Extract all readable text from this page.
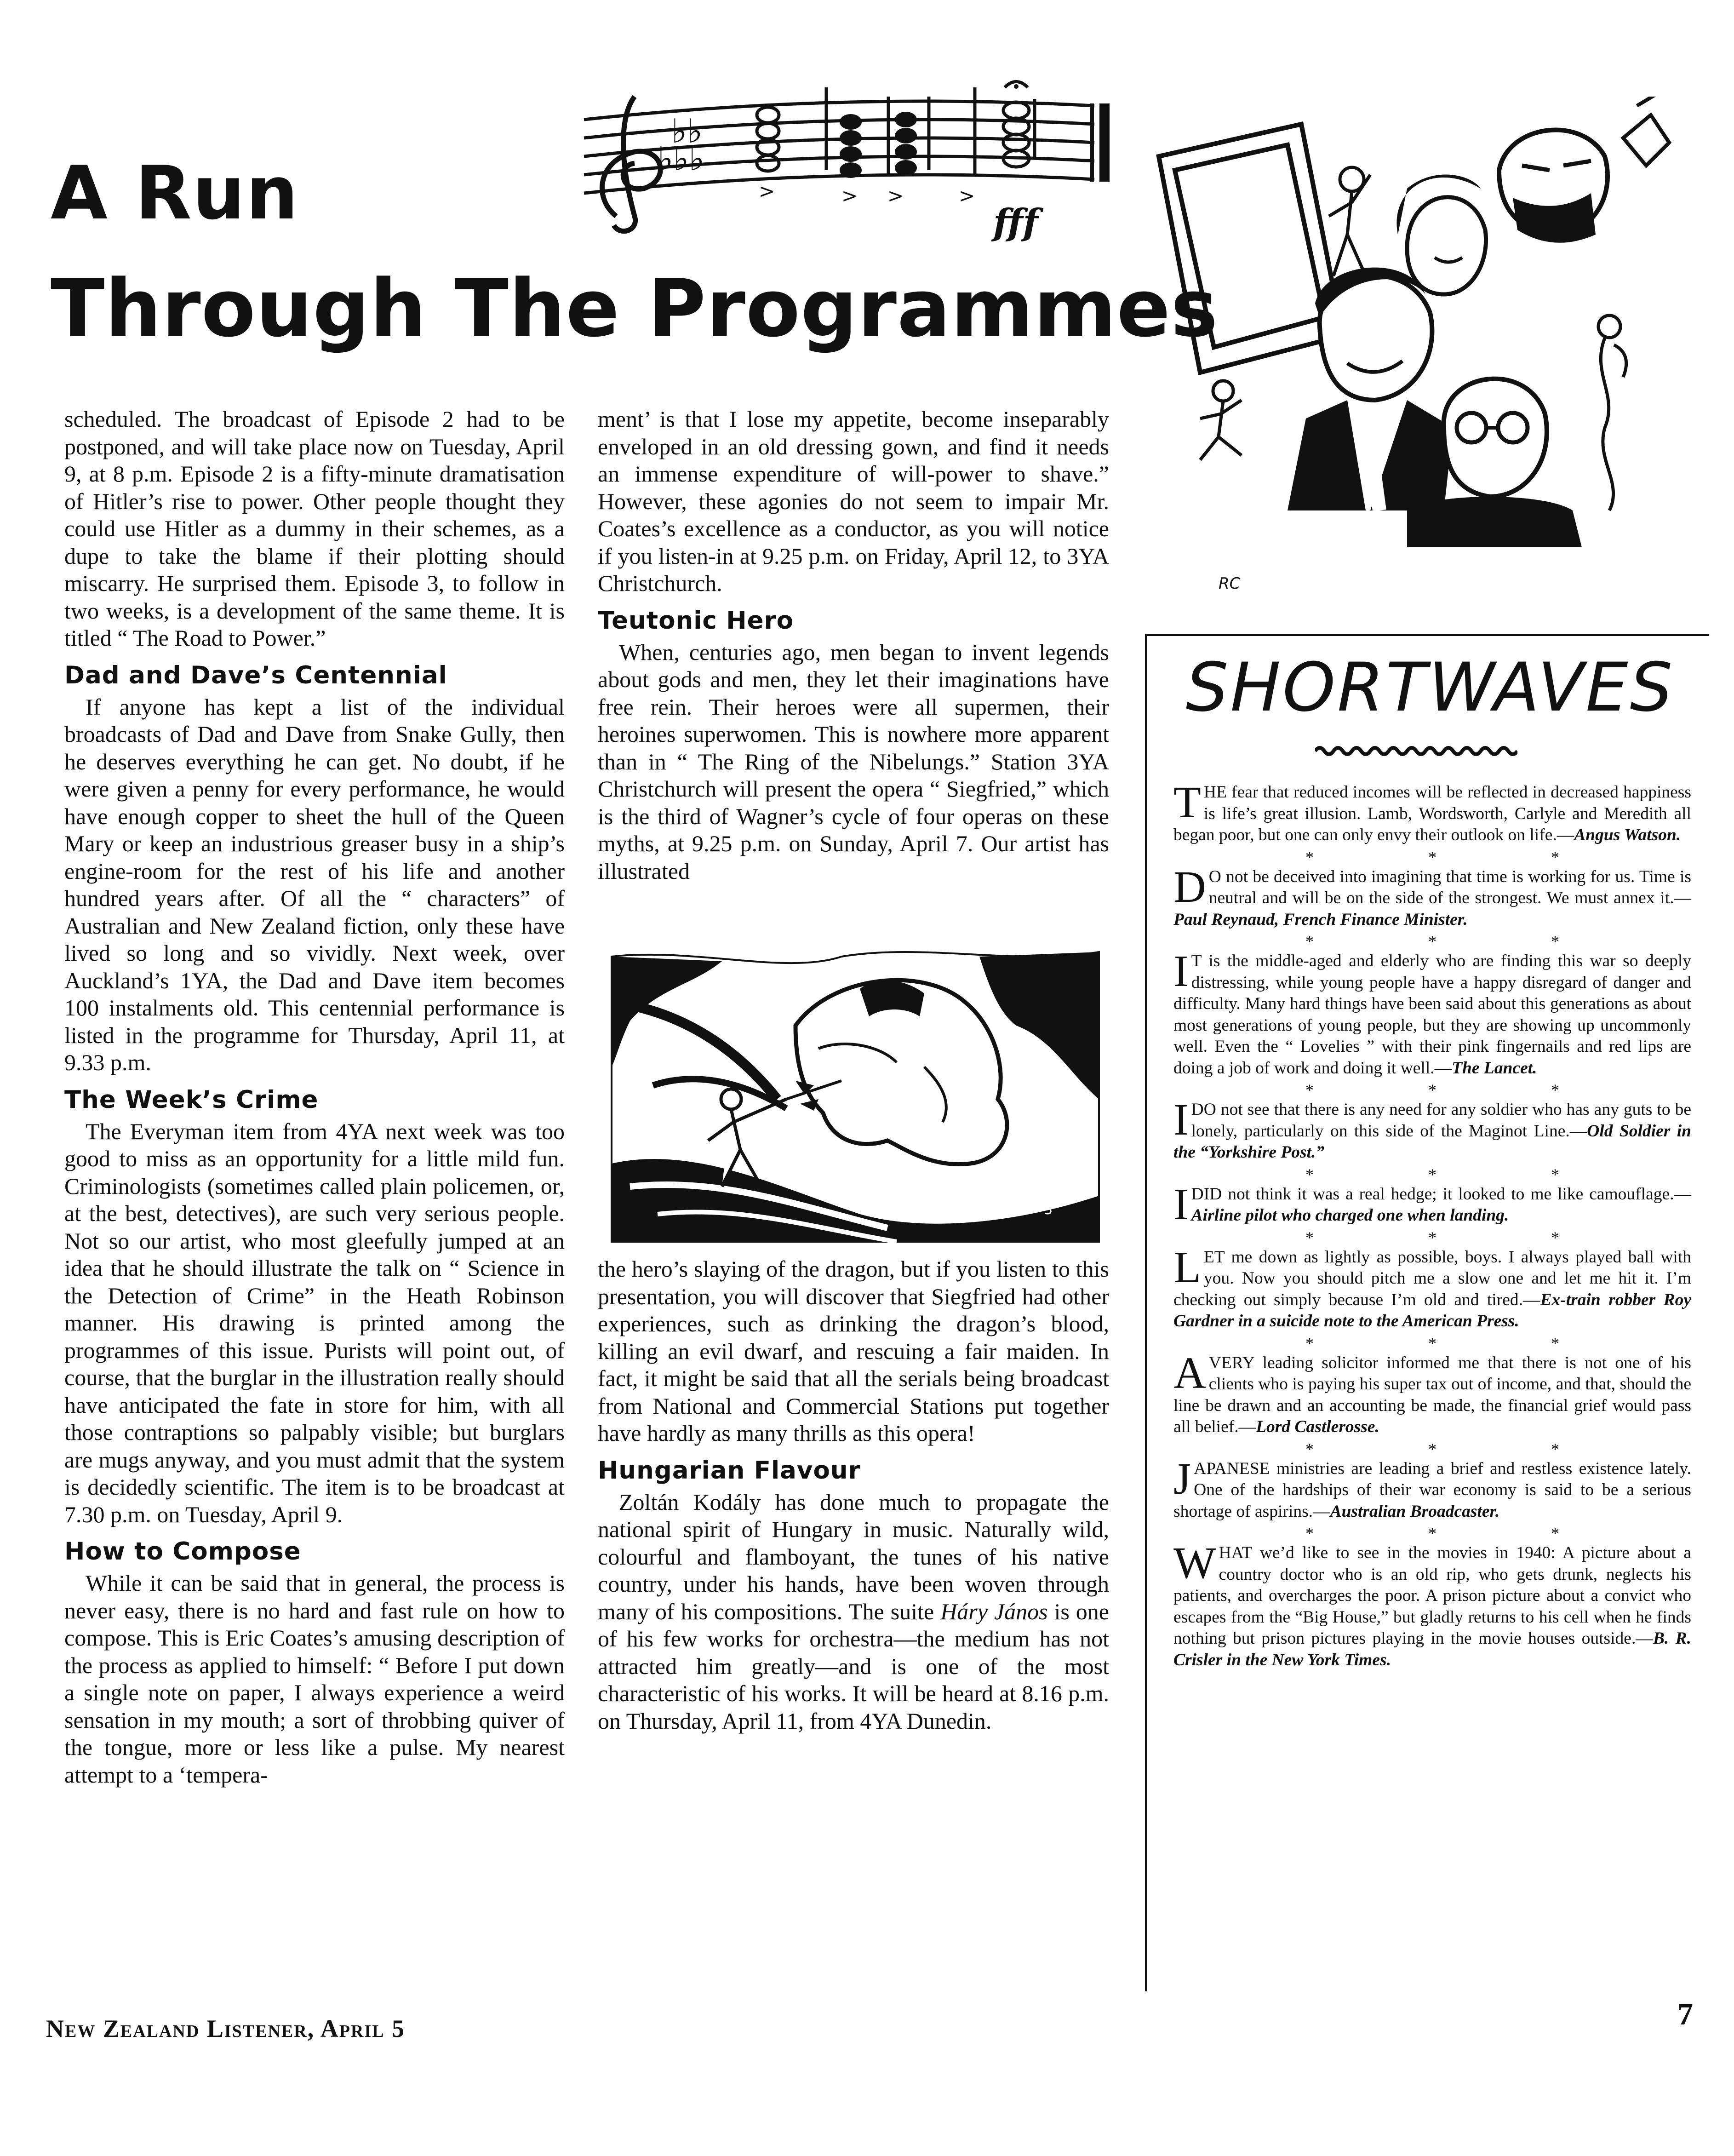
A Run
Through The Programmes
♭♭
♭♭♭
>	> >	>
fff
RC

scheduled. The broadcast of Episode 2 had to be postponed, and will take place now on Tuesday, April 9, at 8 p.m. Episode 2 is a fifty-minute dramatisation of Hitler’s rise to power. Other people thought they could use Hitler as a dummy in their schemes, as a dupe to take the blame if their plotting should miscarry. He surprised them. Episode 3, to follow in two weeks, is a development of the same theme. It is titled “ The Road to Power.”

Dad and Dave’s Centennial

If anyone has kept a list of the individual broadcasts of Dad and Dave from Snake Gully, then he deserves everything he can get. No doubt, if he were given a penny for every performance, he would have enough copper to sheet the hull of the Queen Mary or keep an industrious greaser busy in a ship’s engine-room for the rest of his life and another hundred years after. Of all the “ characters” of Australian and New Zealand fiction, only these have lived so long and so vividly. Next week, over Auckland’s 1YA, the Dad and Dave item becomes 100 instalments old. This centennial performance is listed in the programme for Thursday, April 11, at 9.33 p.m.

The Week’s Crime

The Everyman item from 4YA next week was too good to miss as an opportunity for a little mild fun. Criminologists (sometimes called plain policemen, or, at the best, detectives), are such very serious people. Not so our artist, who most gleefully jumped at an idea that he should illustrate the talk on “ Science in the Detection of Crime” in the Heath Robinson manner. His drawing is printed among the programmes of this issue. Purists will point out, of course, that the burglar in the illustration really should have anticipated the fate in store for him, with all those contraptions so palpably visible; but burglars are mugs anyway, and you must admit that the system is decidedly scientific. The item is to be broadcast at 7.30 p.m. on Tuesday, April 9.

How to Compose

While it can be said that in general, the process is never easy, there is no hard and fast rule on how to compose. This is Eric Coates’s amusing description of the process as applied to himself: “ Before I put down a single note on paper, I always experience a weird sensation in my mouth; a sort of throbbing quiver of the tongue, more or less like a pulse. My nearest attempt to a ‘tempera-

ment’ is that I lose my appetite, become inseparably enveloped in an old dressing gown, and find it needs an immense expenditure of will-power to shave.” However, these agonies do not seem to impair Mr. Coates’s excellence as a conductor, as you will notice if you listen-in at 9.25 p.m. on Friday, April 12, to 3YA Christchurch.

Teutonic Hero

When, centuries ago, men began to invent legends about gods and men, they let their imaginations have free rein. Their heroes were all supermen, their heroines superwomen. This is nowhere more apparent than in “ The Ring of the Nibelungs.” Station 3YA Christchurch will present the opera “ Siegfried,” which is the third of Wagner’s cycle of four operas on these myths, at 9.25 p.m. on Sunday, April 7. Our artist has illustrated

3

the hero’s slaying of the dragon, but if you listen to this presentation, you will discover that Siegfried had other experiences, such as drinking the dragon’s blood, killing an evil dwarf, and rescuing a fair maiden. In fact, it might be said that all the serials being broadcast from National and Commercial Stations put together have hardly as many thrills as this opera!

Hungarian Flavour

Zoltán Kodály has done much to propagate the national spirit of Hungary in music. Naturally wild, colourful and flamboyant, the tunes of his native country, under his hands, have been woven through many of his compositions. The suite Háry János is one of his few works for orchestra—the medium has not attracted him greatly—and is one of the most characteristic of his works. It will be heard at 8.16 p.m. on Thursday, April 11, from 4YA Dunedin.

SHORTWAVES
THE fear that reduced incomes will be reflected in decreased happiness is life’s great illusion. Lamb, Wordsworth, Carlyle and Meredith all began poor, but one can only envy their outlook on life.—Angus Watson.
* * *
D O not be deceived into imagining that time is working for us. Time is neutral and will be on the side of the strongest. We must annex it.—Paul Reynaud, French Finance Minister.
* * *
I T is the middle-aged and elderly who are finding this war so deeply distressing, while young people have a happy disregard of danger and difficulty. Many hard things have been said about this generations as about most generations of young people, but they are showing up uncommonly well. Even the “ Lovelies ” with their pink fingernails and red lips are doing a job of work and doing it well.—The Lancet.
* * *
I DO not see that there is any need for any soldier who has any guts to be lonely, particularly on this side of the Maginot Line.—Old Soldier in the “Yorkshire Post.”
* * *
I DID not think it was a real hedge; it looked to me like camouflage.—Airline pilot who charged one when landing.
* * *
LET me down as lightly as possible, boys. I always played ball with you. Now you should pitch me a slow one and let me hit it. I’m checking out simply because I’m old and tired.—Ex-train robber Roy Gardner in a suicide note to the American Press.
* * *
A VERY leading solicitor informed me that there is not one of his clients who is paying his super tax out of income, and that, should the line be drawn and an accounting be made, the financial grief would pass all belief.—Lord Castlerosse.
* * *
JAPANESE ministries are leading a brief and restless existence lately. One of the hardships of their war economy is said to be a serious shortage of aspirins.—Australian Broadcaster.
* * *
WHAT we’d like to see in the movies in 1940: A picture about a country doctor who is an old rip, who gets drunk, neglects his patients, and overcharges the poor. A prison picture about a convict who escapes from the “Big House,” but gladly returns to his cell when he finds nothing but prison pictures playing in the movie houses outside.—B. R. Crisler in the New York Times.
New Zealand Listener, April 5	7
